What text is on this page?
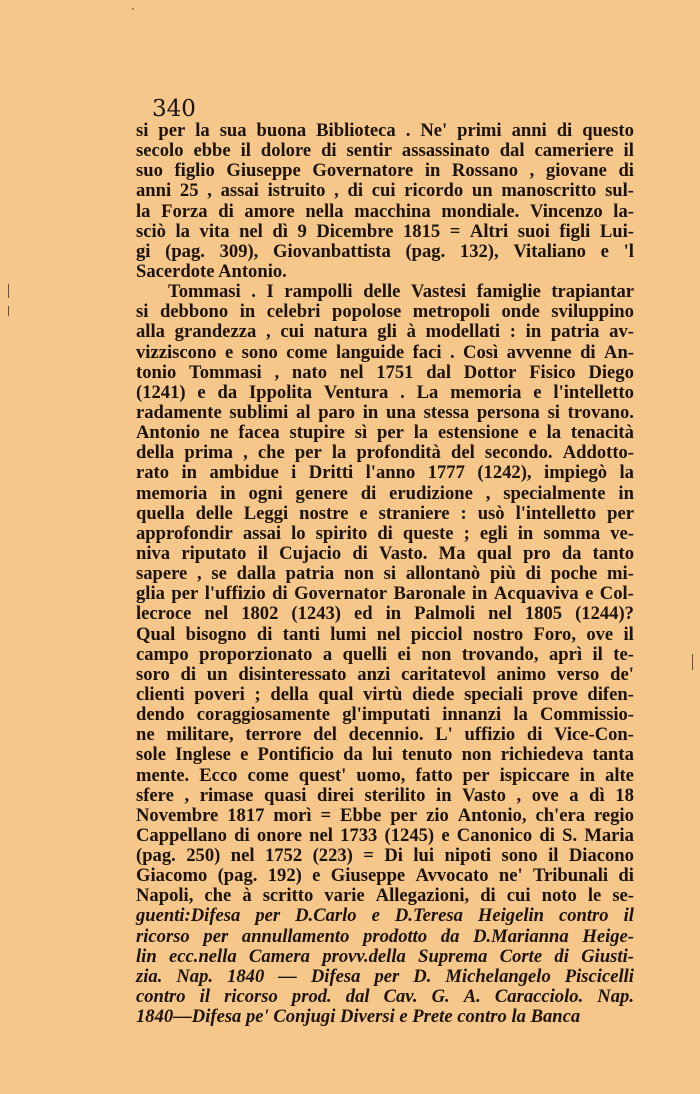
340
si per la sua buona Biblioteca . Ne' primi anni di questo
secolo ebbe il dolore di sentir assassinato dal cameriere il
suo figlio Giuseppe Governatore in Rossano , giovane di
anni 25 , assai istruito , di cui ricordo un manoscritto sul-
la Forza di amore nella macchina mondiale. Vincenzo la-
sciò la vita nel dì 9 Dicembre 1815 = Altri suoi figli Lui-
gi (pag. 309), Giovanbattista (pag. 132), Vitaliano e 'l
Sacerdote Antonio.
Tommasi . I rampolli delle Vastesi famiglie trapiantar
si debbono in celebri popolose metropoli onde sviluppino
alla grandezza , cui natura gli à modellati : in patria av-
vizziscono e sono come languide faci . Così avvenne di An-
tonio Tommasi , nato nel 1751 dal Dottor Fisico Diego
(1241) e da Ippolita Ventura . La memoria e l'intelletto
radamente sublimi al paro in una stessa persona si trovano.
Antonio ne facea stupire sì per la estensione e la tenacità
della prima , che per la profondità del secondo. Addotto-
rato in ambidue i Dritti l'anno 1777 (1242), impiegò la
memoria in ogni genere di erudizione , specialmente in
quella delle Leggi nostre e straniere : usò l'intelletto per
approfondir assai lo spirito di queste ; egli in somma ve-
niva riputato il Cujacio di Vasto. Ma qual pro da tanto
sapere , se dalla patria non si allontanò più di poche mi-
glia per l'uffizio di Governator Baronale in Acquaviva e Col-
lecroce nel 1802 (1243) ed in Palmoli nel 1805 (1244)?
Qual bisogno di tanti lumi nel picciol nostro Foro, ove il
campo proporzionato a quelli ei non trovando, aprì il te-
soro di un disinteressato anzi caritatevol animo verso de'
clienti poveri ; della qual virtù diede speciali prove difen-
dendo coraggiosamente gl'imputati innanzi la Commissio-
ne militare, terrore del decennio. L' uffizio di Vice-Con-
sole Inglese e Pontificio da lui tenuto non richiedeva tanta
mente. Ecco come quest' uomo, fatto per ispiccare in alte
sfere , rimase quasi direi sterilito in Vasto , ove a dì 18
Novembre 1817 morì = Ebbe per zio Antonio, ch'era regio
Cappellano di onore nel 1733 (1245) e Canonico di S. Maria
(pag. 250) nel 1752 (223) = Di lui nipoti sono il Diacono
Giacomo (pag. 192) e Giuseppe Avvocato ne' Tribunali di
Napoli, che à scritto varie Allegazioni, di cui noto le se-
guenti:Difesa per D.Carlo e D.Teresa Heigelin contro il
ricorso per annullamento prodotto da D.Marianna Heige-
lin ecc.nella Camera provv.della Suprema Corte di Giusti-
zia. Nap. 1840 — Difesa per D. Michelangelo Piscicelli
contro il ricorso prod. dal Cav. G. A. Caracciolo. Nap.
1840—Difesa pe' Conjugi Diversi e Prete contro la Banca
·
